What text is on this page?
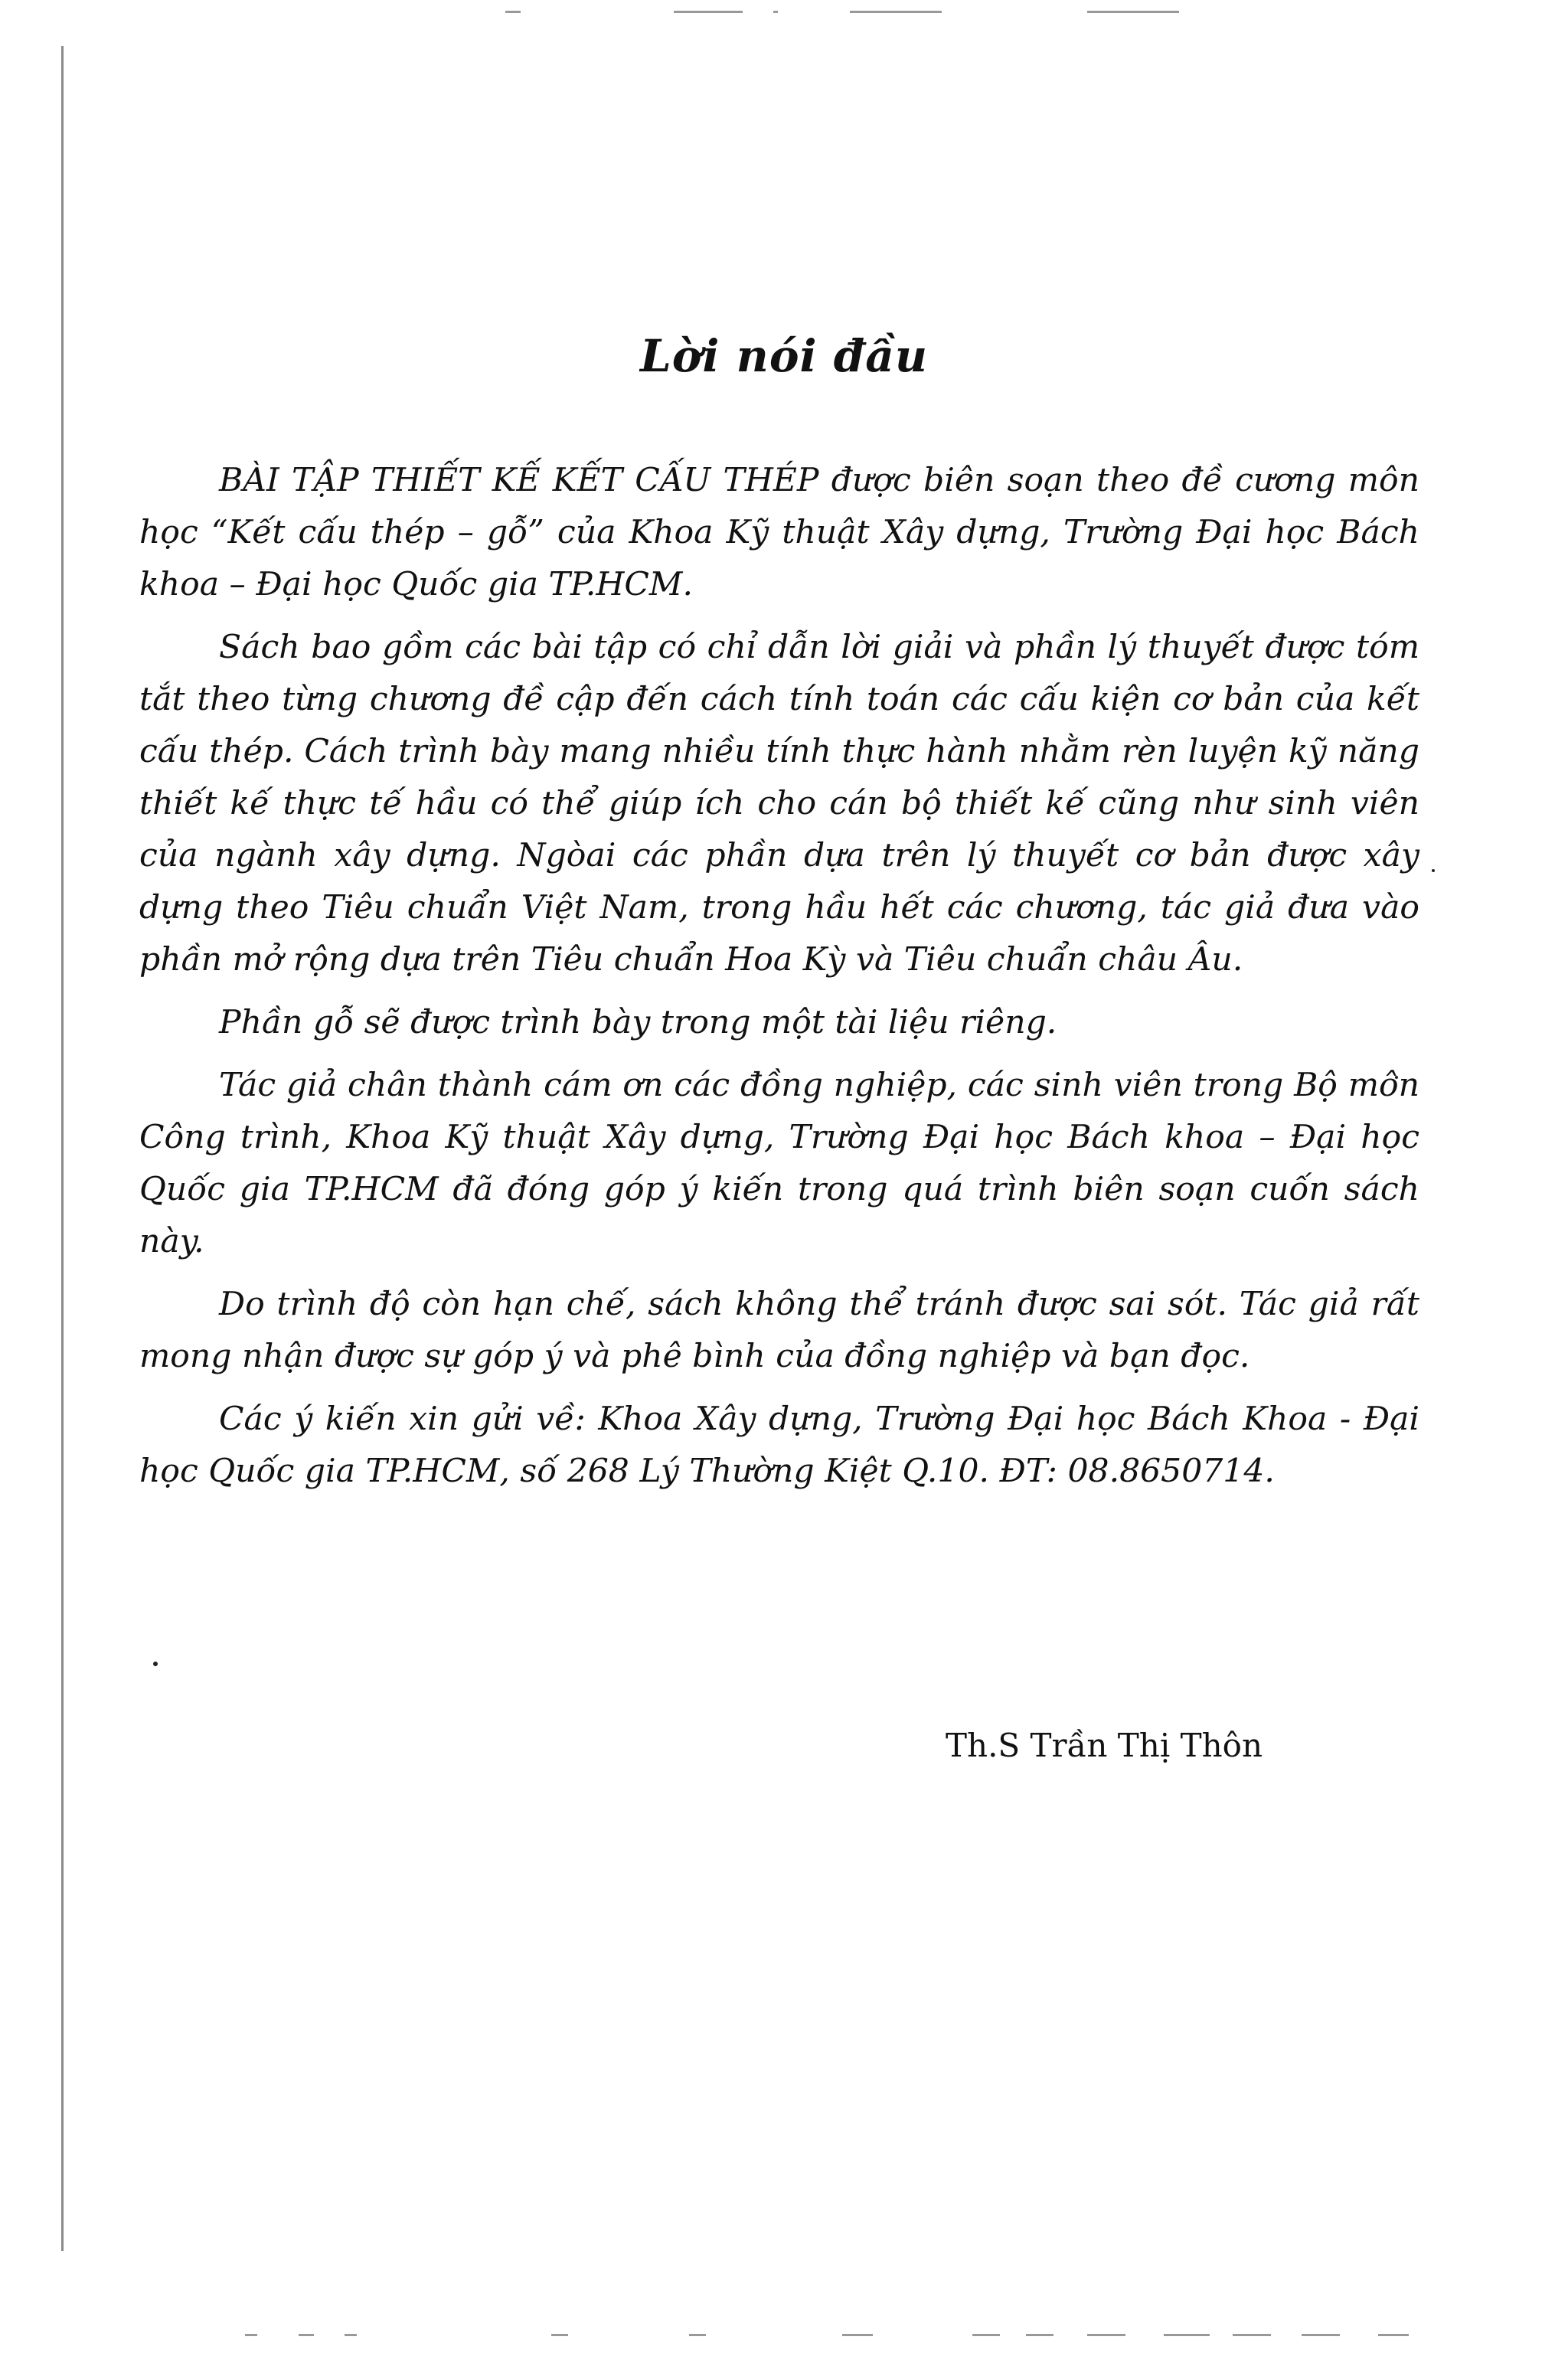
Lời nói đầu

BÀI TẬP THIẾT KẾ KẾT CẤU THÉP được biên soạn theo đề cương môn học “Kết cấu thép – gỗ” của Khoa Kỹ thuật Xây dựng, Trường Đại học Bách khoa – Đại học Quốc gia TP.HCM.

Sách bao gồm các bài tập có chỉ dẫn lời giải và phần lý thuyết được tóm tắt theo từng chương đề cập đến cách tính toán các cấu kiện cơ bản của kết cấu thép. Cách trình bày mang nhiều tính thực hành nhằm rèn luyện kỹ năng thiết kế thực tế hầu có thể giúp ích cho cán bộ thiết kế cũng như sinh viên của ngành xây dựng. Ngòai các phần dựa trên lý thuyết cơ bản được xây dựng theo Tiêu chuẩn Việt Nam, trong hầu hết các chương, tác giả đưa vào phần mở rộng dựa trên Tiêu chuẩn Hoa Kỳ và Tiêu chuẩn châu Âu.

Phần gỗ sẽ được trình bày trong một tài liệu riêng.

Tác giả chân thành cám ơn các đồng nghiệp, các sinh viên trong Bộ môn Công trình, Khoa Kỹ thuật Xây dựng, Trường Đại học Bách khoa – Đại học Quốc gia TP.HCM đã đóng góp ý kiến trong quá trình biên soạn cuốn sách này.

Do trình độ còn hạn chế, sách không thể tránh được sai sót. Tác giả rất mong nhận được sự góp ý và phê bình của đồng nghiệp và bạn đọc.

Các ý kiến xin gửi về: Khoa Xây dựng, Trường Đại học Bách Khoa - Đại học Quốc gia TP.HCM, số 268 Lý Thường Kiệt Q.10. ĐT: 08.8650714.

Th.S Trần Thị Thôn
